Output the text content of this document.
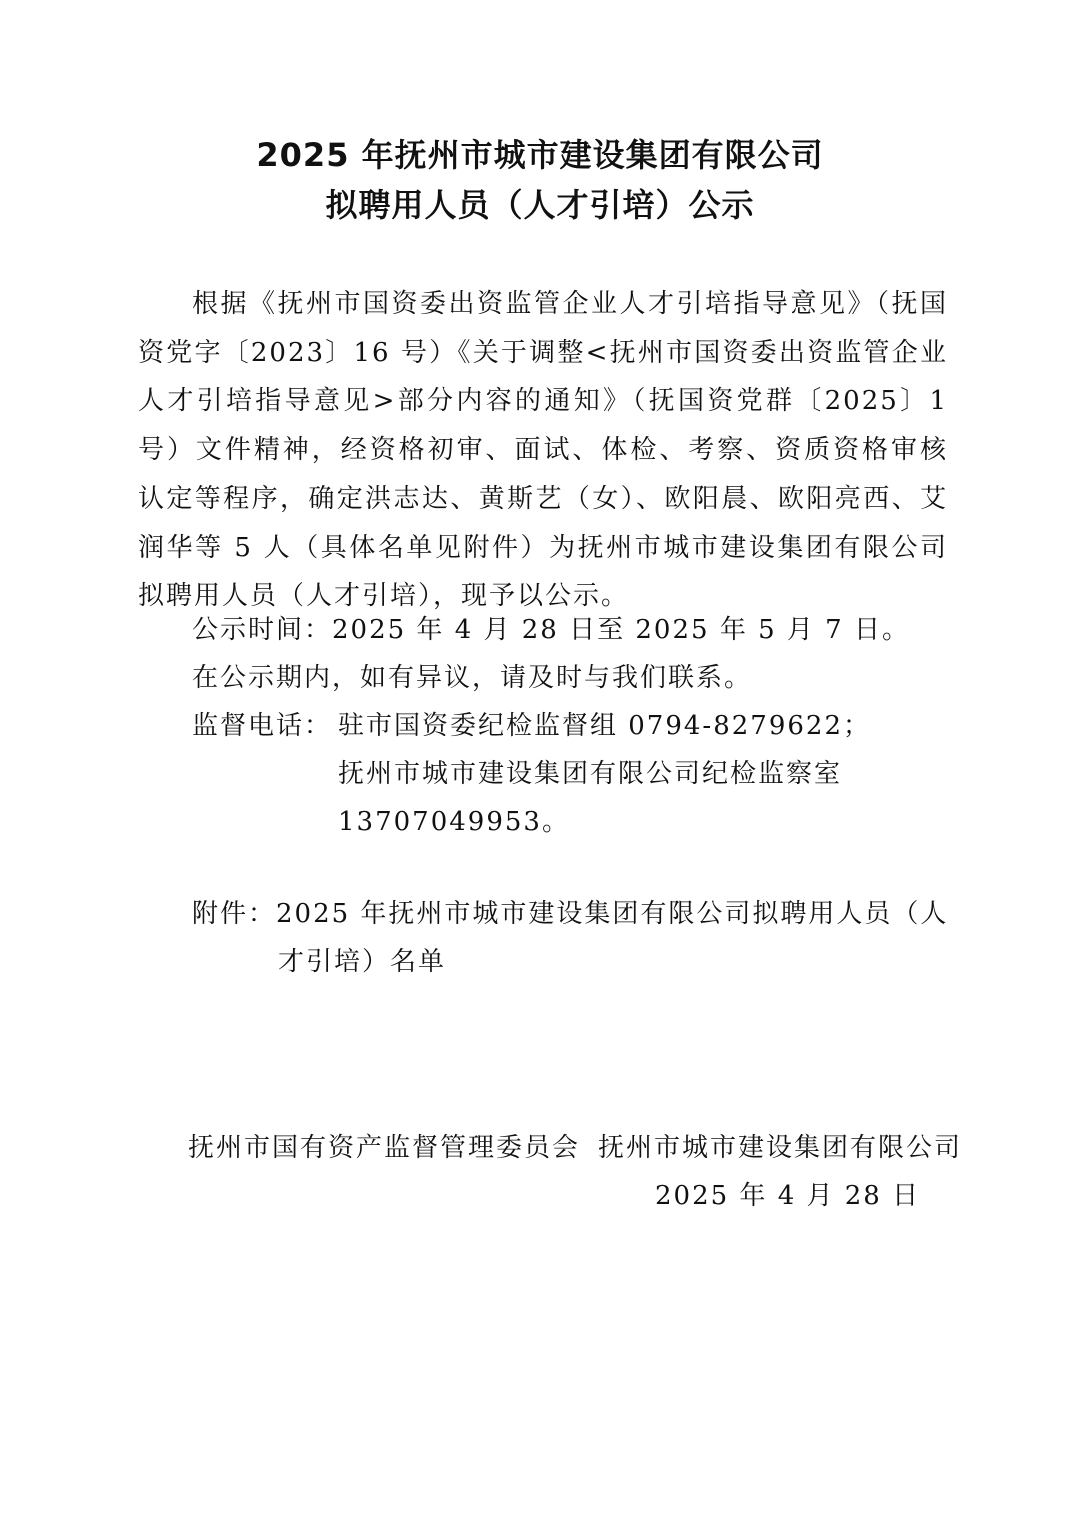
2025 年抚州市城市建设集团有限公司
拟聘用人员（人才引培）公示

根据《抚州市国资委出资监管企业人才引培指导意见》（抚国资党字〔2023〕16 号）《关于调整<抚州市国资委出资监管企业人才引培指导意见>部分内容的通知》（抚国资党群〔2025〕1 号）文件精神，经资格初审、面试、体检、考察、资质资格审核认定等程序，确定洪志达、黄斯艺（女）、欧阳晨、欧阳亮西、艾润华等 5 人（具体名单见附件）为抚州市城市建设集团有限公司拟聘用人员（人才引培），现予以公示。

公示时间：2025 年 4 月 28 日至 2025 年 5 月 7 日。

在公示期内，如有异议，请及时与我们联系。

监督电话： 驻市国资委纪检监督组 0794-8279622；

抚州市城市建设集团有限公司纪检监察室

13707049953。

附件：2025 年抚州市城市建设集团有限公司拟聘用人员（人才引培）名单

抚州市国有资产监督管理委员会 抚州市城市建设集团有限公司

2025 年 4 月 28 日
